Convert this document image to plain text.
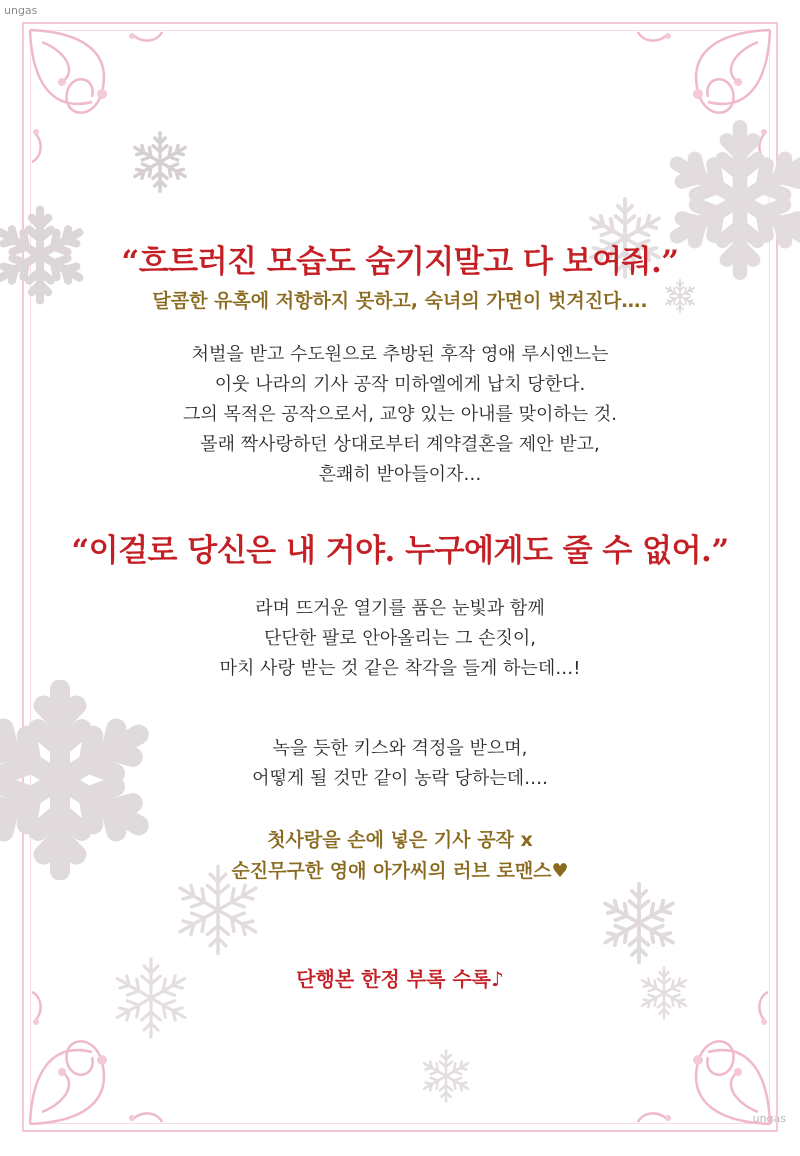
ungas
ungas
“흐트러진 모습도 숨기지말고 다 보여줘.”
달콤한 유혹에 저항하지 못하고, 숙녀의 가면이 벗겨진다….
처벌을 받고 수도원으로 추방된 후작 영애 루시엔느는
이웃 나라의 기사 공작 미하엘에게 납치 당한다.
그의 목적은 공작으로서, 교양 있는 아내를 맞이하는 것.
몰래 짝사랑하던 상대로부터 계약결혼을 제안 받고,
흔쾌히 받아들이자…
“이걸로 당신은 내 거야. 누구에게도 줄 수 없어.”
라며 뜨거운 열기를 품은 눈빛과 함께
단단한 팔로 안아올리는 그 손짓이,
마치 사랑 받는 것 같은 착각을 들게 하는데…!
녹을 듯한 키스와 격정을 받으며,
어떻게 될 것만 같이 농락 당하는데….
첫사랑을 손에 넣은 기사 공작 x
순진무구한 영애 아가씨의 러브 로맨스♥
단행본 한정 부록 수록♪
